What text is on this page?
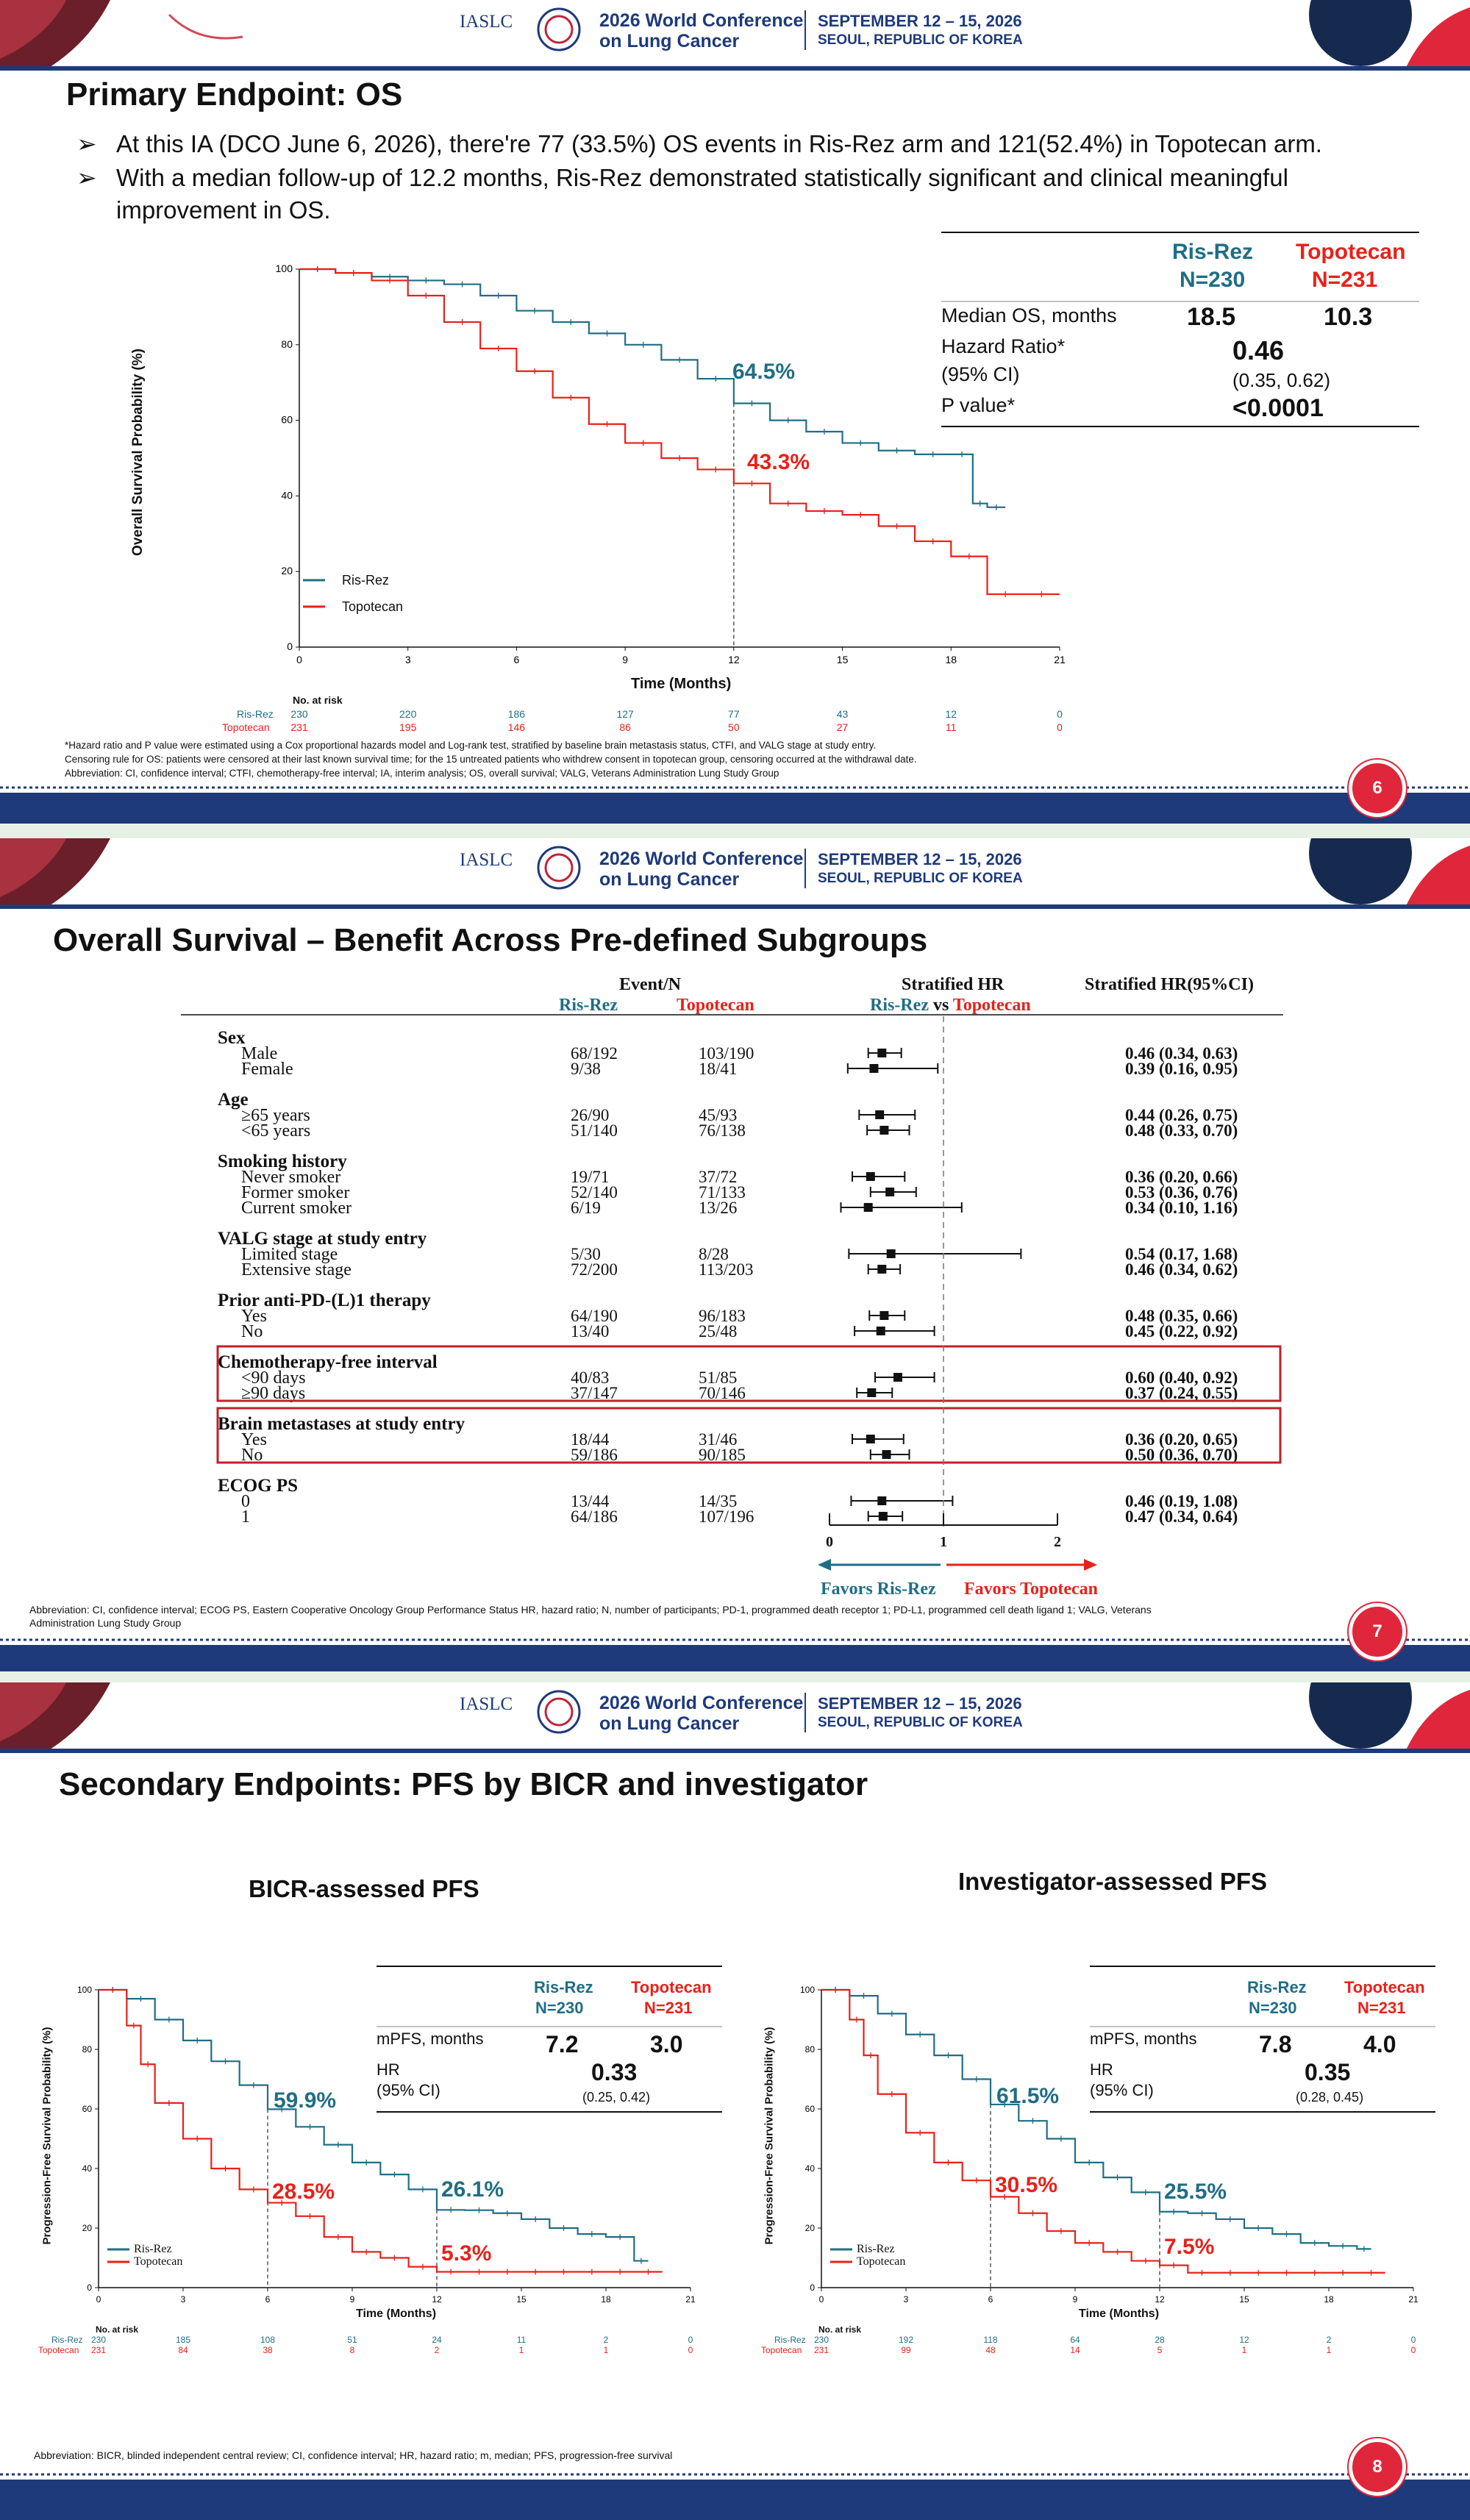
IASLC	2026 World Conference
on Lung Cancer
SEPTEMBER 12 – 15, 2026
SEOUL, REPUBLIC OF KOREA
Primary Endpoint: OS
➢ At this IA (DCO June 6, 2026), there're 77 (33.5%) OS events in Ris-Rez arm and 121(52.4%) in Topotecan arm.
➢ With a median follow-up of 12.2 months, Ris-Rez demonstrated statistically significant and clinical meaningful
improvement in OS.
Ris-Rez
N=230
Topotecan
N=231
Median OS, months	18.5	10.3
Hazard Ratio*
(95% CI)
0.46
(0.35, 0.62)
P value*	<0.0001
0
20
40
60
80
100
0	3	6	9	12	15	18	21
Overall Survival Probability (%)
Time (Months)
Ris-Rez
Topotecan
64.5%
43.3%
No. at risk
Ris-Rez
Topotecan
230	220	186	127	77	43	12	0
231	195	146	86	50	27	11	0
*Hazard ratio and P value were estimated using a Cox proportional hazards model and Log-rank test, stratified by baseline brain metastasis status, CTFI, and VALG stage at study entry.
Censoring rule for OS: patients were censored at their last known survival time; for the 15 untreated patients who withdrew consent in topotecan group, censoring occurred at the withdrawal date.
Abbreviation: CI, confidence interval; CTFI, chemotherapy-free interval; IA, interim analysis; OS, overall survival; VALG, Veterans Administration Lung Study Group
6
IASLC	2026 World Conference
on Lung Cancer
SEPTEMBER 12 – 15, 2026
SEOUL, REPUBLIC OF KOREA
Overall Survival – Benefit Across Pre-defined Subgroups
Event/N
Ris-Rez	Topotecan
Stratified HR
Ris-Rez vs Topotecan
Stratified HR(95%CI)
Sex
Male	68/192	103/190	0.46 (0.34, 0.63)
Female	9/38	18/41	0.39 (0.16, 0.95)
Age
≥65 years	26/90	45/93	0.44 (0.26, 0.75)
<65 years	51/140	76/138	0.48 (0.33, 0.70)
Smoking history
Never smoker	19/71	37/72	0.36 (0.20, 0.66)
Former smoker	52/140	71/133	0.53 (0.36, 0.76)
Current smoker	6/19	13/26	0.34 (0.10, 1.16)
VALG stage at study entry
Limited stage	5/30	8/28	0.54 (0.17, 1.68)
Extensive stage	72/200	113/203	0.46 (0.34, 0.62)
Prior anti-PD-(L)1 therapy
Yes	64/190	96/183	0.48 (0.35, 0.66)
No	13/40	25/48	0.45 (0.22, 0.92)
Chemotherapy-free interval
<90 days	40/83	51/85	0.60 (0.40, 0.92)
≥90 days	37/147	70/146	0.37 (0.24, 0.55)
Brain metastases at study entry
Yes	18/44	31/46	0.36 (0.20, 0.65)
No	59/186	90/185	0.50 (0.36, 0.70)
ECOG PS
0	13/44	14/35	0.46 (0.19, 1.08)
1	64/186	107/196	0.47 (0.34, 0.64)
0	1	2
Favors Ris-Rez Favors Topotecan
Abbreviation: CI, confidence interval; ECOG PS, Eastern Cooperative Oncology Group Performance Status HR, hazard ratio; N, number of participants; PD-1, programmed death receptor 1; PD-L1, programmed cell death ligand 1; VALG, Veterans
Administration Lung Study Group	7
IASLC	2026 World Conference
on Lung Cancer
SEPTEMBER 12 – 15, 2026
SEOUL, REPUBLIC OF KOREA
Secondary Endpoints: PFS by BICR and investigator
BICR-assessed PFS	Investigator-assessed PFS
Progression-Free Survival Probability (%)
Time (Months)
Ris-Rez
Topotecan
59.9%
28.5%	26.1%
5.3%
No. at risk
Ris-Rez
Topotecan
230	185	108	51	24	11	2	0
231	84	38	8	2	1	1	0
Ris-Rez
N=230
Topotecan
N=231
mPFS, months	7.2	3.0
HR
(95% CI)
0.33
(0.25, 0.42)	Progression-Free Survival Probability (%)
Time (Months)
Ris-Rez
Topotecan
61.5%
30.5%	25.5%
7.5%
No. at risk
Ris-Rez
Topotecan
230	192	118	64	28	12	2	0
231	99	48	14	5	1	1	0
Ris-Rez
N=230
Topotecan
N=231
mPFS, months	7.8	4.0
HR
(95% CI)
0.35
(0.28, 0.45)
0
20
40
60
80
100
0	3	6	9	12	15	18	21
0
20
40
60
80
100
0	3	6	9	12	15	18	21
Abbreviation: BICR, blinded independent central review; CI, confidence interval; HR, hazard ratio; m, median; PFS, progression-free survival
8
